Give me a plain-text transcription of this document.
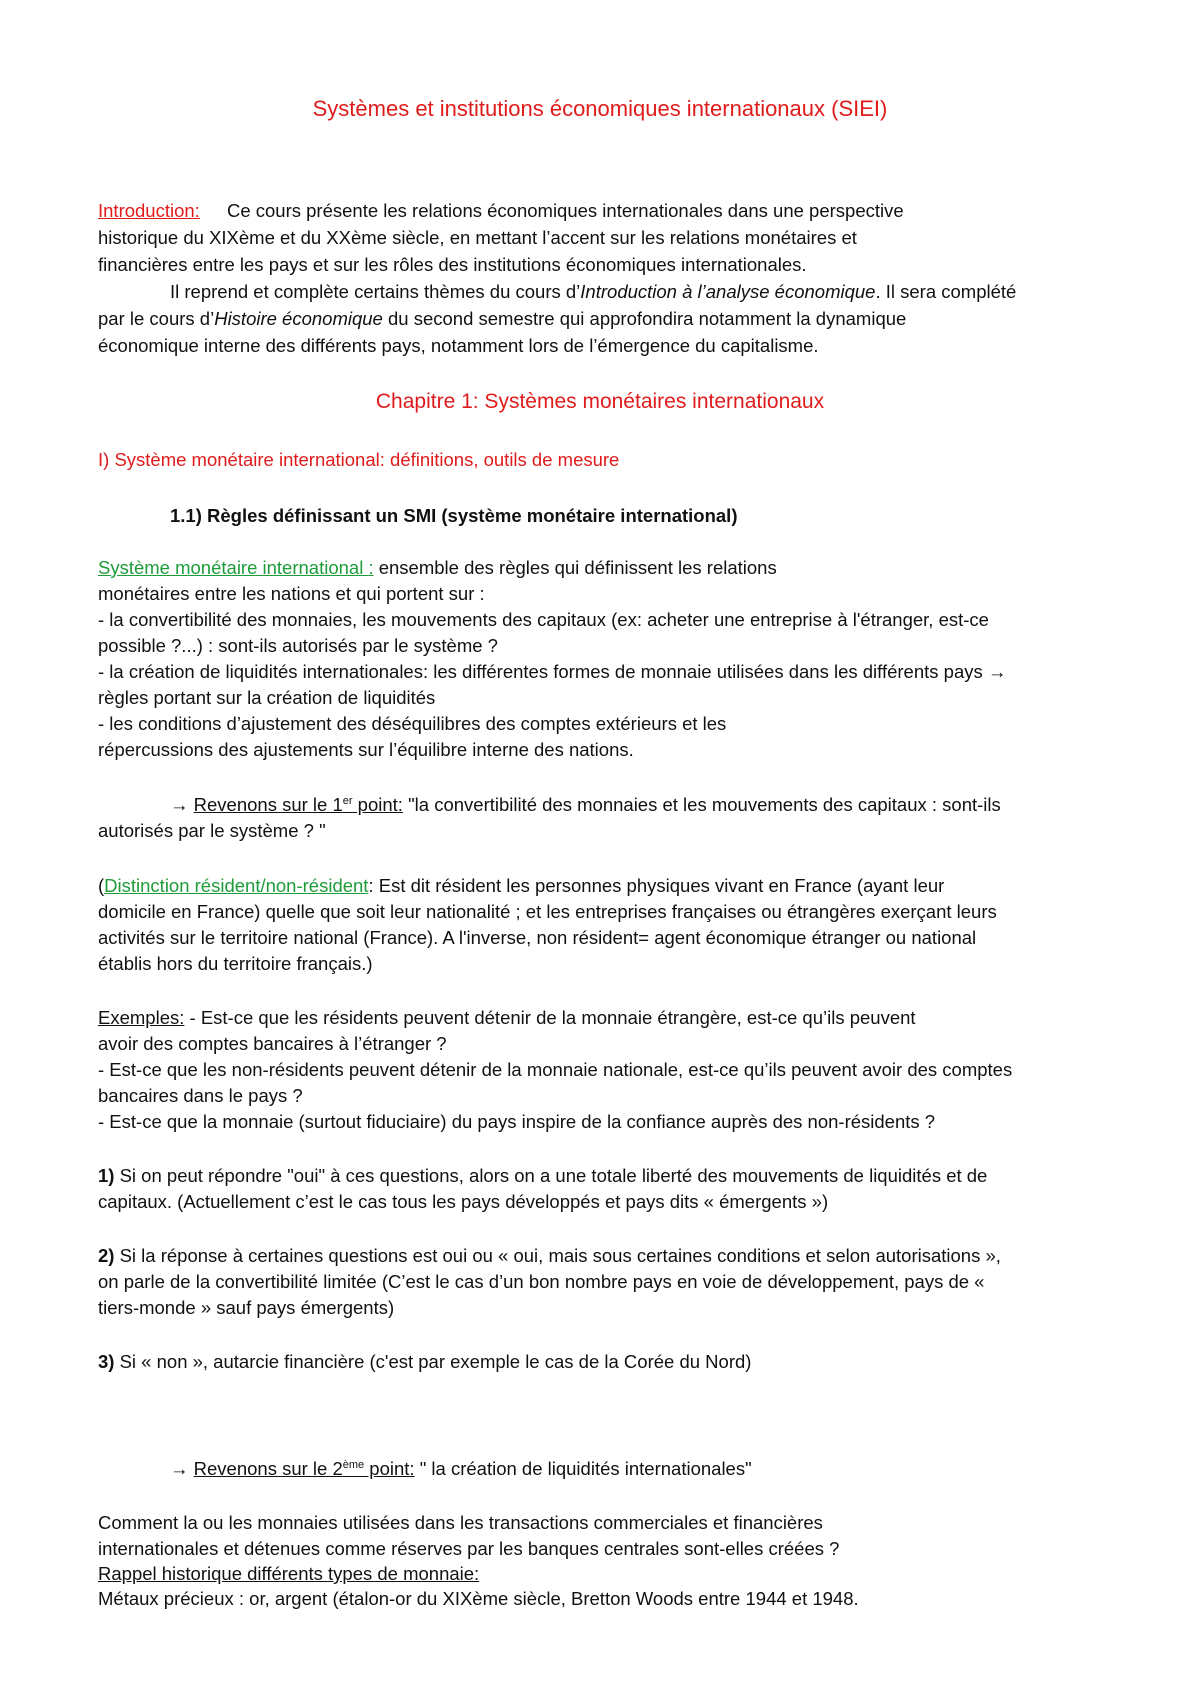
Systèmes et institutions économiques internationaux (SIEI)
Introduction: Ce cours présente les relations économiques internationales dans une perspective
historique du XIXème et du XXème siècle, en mettant l’accent sur les relations monétaires et
financières entre les pays et sur les rôles des institutions économiques internationales.
Il reprend et complète certains thèmes du cours d’Introduction à l’analyse économique. Il sera complété
par le cours d’Histoire économique du second semestre qui approfondira notamment la dynamique
économique interne des différents pays, notamment lors de l’émergence du capitalisme.
Chapitre 1: Systèmes monétaires internationaux
I) Système monétaire international: définitions, outils de mesure
1.1) Règles définissant un SMI (système monétaire international)
Système monétaire international : ensemble des règles qui définissent les relations
monétaires entre les nations et qui portent sur :
- la convertibilité des monnaies, les mouvements des capitaux (ex: acheter une entreprise à l'étranger, est-ce
possible ?...) : sont-ils autorisés par le système ?
- la création de liquidités internationales: les différentes formes de monnaie utilisées dans les différents pays →
règles portant sur la création de liquidités
- les conditions d’ajustement des déséquilibres des comptes extérieurs et les
répercussions des ajustements sur l’équilibre interne des nations.
→ Revenons sur le 1er point: "la convertibilité des monnaies et les mouvements des capitaux : sont-ils
autorisés par le système ? "
(Distinction résident/non-résident: Est dit résident les personnes physiques vivant en France (ayant leur
domicile en France) quelle que soit leur nationalité ; et les entreprises françaises ou étrangères exerçant leurs
activités sur le territoire national (France). A l'inverse, non résident= agent économique étranger ou national
établis hors du territoire français.)
Exemples: - Est-ce que les résidents peuvent détenir de la monnaie étrangère, est-ce qu’ils peuvent
avoir des comptes bancaires à l’étranger ?
- Est-ce que les non-résidents peuvent détenir de la monnaie nationale, est-ce qu’ils peuvent avoir des comptes
bancaires dans le pays ?
- Est-ce que la monnaie (surtout fiduciaire) du pays inspire de la confiance auprès des non-résidents ?
1) Si on peut répondre "oui" à ces questions, alors on a une totale liberté des mouvements de liquidités et de
capitaux. (Actuellement c’est le cas tous les pays développés et pays dits « émergents »)
2) Si la réponse à certaines questions est oui ou « oui, mais sous certaines conditions et selon autorisations »,
on parle de la convertibilité limitée (C’est le cas d’un bon nombre pays en voie de développement, pays de «
tiers-monde » sauf pays émergents)
3) Si « non », autarcie financière (c'est par exemple le cas de la Corée du Nord)
→ Revenons sur le 2ème point: " la création de liquidités internationales"
Comment la ou les monnaies utilisées dans les transactions commerciales et financières
internationales et détenues comme réserves par les banques centrales sont-elles créées ?
Rappel historique différents types de monnaie:
Métaux précieux : or, argent (étalon-or du XIXème siècle, Bretton Woods entre 1944 et 1948.
